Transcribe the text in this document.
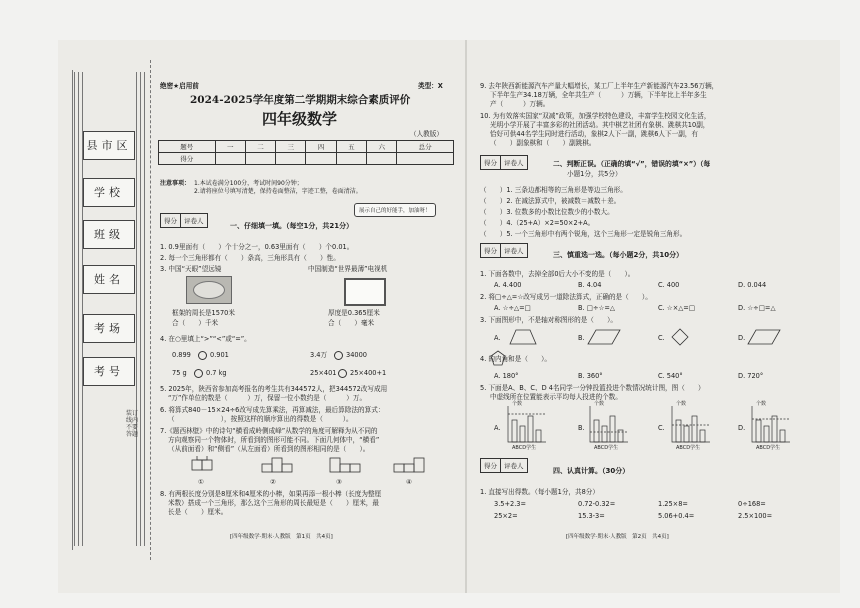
县市区
学校
班级
姓名
考场
考号
装订线内不要答题
绝密★启用前	类型：X
2024-2025学年度第二学期期末综合素质评价
四年级数学
（人教版）
题号	一	二	三	四	五	六	总分
得分							
注意事项： 1.本试卷满分100分，考试时间90分钟；
2.请将座位号填写清楚，保持卷面整洁，字迹工整，卷面清洁。
得分	评卷人
展示自己的好能手，加油呀！
一、仔细填一填。（每空1分，共21分）
1. 0.9里面有（　　）个十分之一，0.63里面有（　　）个0.01。
2. 每一个三角形都有（　　）条高，三角形具有（　　）性。
3. 中国“天眼”望远镜	中国制造“世界最薄”电视机
框架的周长是1570米
合（　　）千米
厚度是0.365厘米
合（　　）毫米
4. 在○里填上“>”“<”或“=”。
0.899	0.901	3.4万	34000
75 g	0.7 kg	25×401 25×400+1
5. 2025年，陕西省参加高考报名的考生共有344572人，把344572改写成用
“万”作单位的数是（　　　）万，保留一位小数约是（　　　）万。
6. 将算式840－15×24÷6改写成先算乘法，再算减法，最后算除法的算式：
（　　　　　　　），按照这样的顺序算出的得数是（　　　）。
7.《题西林壁》中的诗句“横看成岭侧成峰”从数学的角度可解释为从不同的
方向观察同一个物体时，所看到的图形可能不同。下面几何体中，“横看”
（从前面看）和“侧看”（从左面看）所看到的图形相同的是（　　）。
①	②	③	④
8. 有两根长度分别是8厘米和4厘米的小棒，如果再添一根小棒（长度为整厘
米数）搭成一个三角形，那么这个三角形的周长最短是（　　）厘米，最
长是（　　）厘米。
[四年级数学·期末·人教版　第1页　共4页]
9. 去年陕西新能源汽车产量大幅增长，某工厂上半年生产新能源汽车23.56万辆，
下半年生产34.18万辆，全年共生产（　　　）万辆，下半年比上半年多生
产（　　　）万辆。
10. 为有效落实国家“双减”政策，加强学校特色建设，丰富学生校园文化生活，
光明小学开展了丰富多彩的社团活动。其中棋艺社团有象棋、跳棋共10副，
恰好可供44名学生同时进行活动，象棋2人下一副，跳棋6人下一副，有
（　　）副象棋和（　　）副跳棋。
得分	评卷人	二、判断正误。（正确的填“√”，错误的填“×”）（每
小题1分，共5分）
（　　）1. 三条边都相等的三角形是等边三角形。
（　　）2. 在减法算式中，被减数＝减数＋差。
（　　）3. 位数多的小数比位数少的小数大。
（　　）4.（25+A）×2=50×2+A。
（　　）5. 一个三角形中有两个锐角，这个三角形一定是锐角三角形。
得分	评卷人	三、慎重选一选。（每小题2分，共10分）
1. 下面各数中，去掉全部0后大小不变的是（　　）。
A. 4.400	B. 4.04	C. 400	D. 0.044
2. 将□÷△=☆改写成另一道除法算式，正确的是（　　）。
A. ☆÷△=□	B. □÷☆=△	C. ☆×△=□	D. ☆÷□=△
3. 下面图形中，不是轴对称图形的是（　　）。
A.	B.	C.	D.
4. 的内角和是（　　）。
A. 180°	B. 360°	C. 540°	D. 720°
5. 下面是A、B、C、D 4名同学一分钟投篮投进个数情况统计图，图（　　）
中虚线所在位置能表示平均每人投进的个数。
A.	B.	C.	D.
个数	个数	个数	个数
ABCD学生	ABCD学生	ABCD学生	ABCD学生
得分	评卷人
四、认真计算。（30分）
1. 直接写出得数。（每小题1分，共8分）
3.5+2.3=	0.72-0.32=	1.25×8=	0÷168=
25×2=	15.3-3=	5.06+0.4=	2.5×100=
[四年级数学·期末·人教版　第2页　共4页]
